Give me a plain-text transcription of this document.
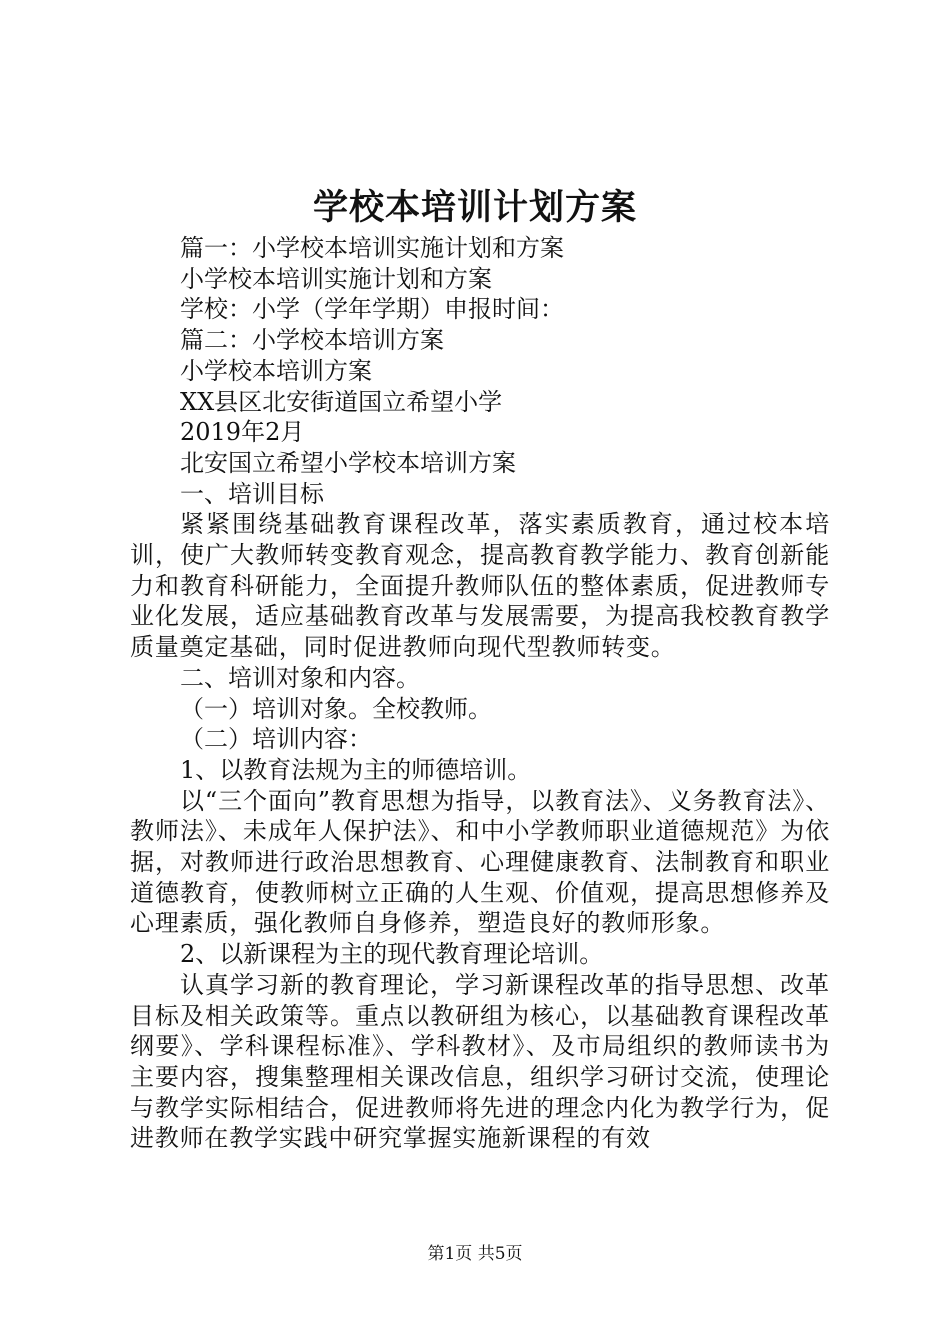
学校本培训计划方案
篇一：小学校本培训实施计划和方案
小学校本培训实施计划和方案
学校：小学（学年学期）申报时间：
篇二：小学校本培训方案
小学校本培训方案
XX县区北安街道国立希望小学
2019年2月
北安国立希望小学校本培训方案
一、培训目标
紧紧围绕基础教育课程改革，落实素质教育，通过校本培训，使广大教师转变教育观念，提高教育教学能力、教育创新能力和教育科研能力，全面提升教师队伍的整体素质，促进教师专业化发展，适应基础教育改革与发展需要，为提高我校教育教学质量奠定基础，同时促进教师向现代型教师转变。
二、培训对象和内容。
（一）培训对象。全校教师。
（二）培训内容：
1、以教育法规为主的师德培训。
以“三个面向”教育思想为指导，以教育法》、义务教育法》、教师法》、未成年人保护法》、和中小学教师职业道德规范》为依据，对教师进行政治思想教育、心理健康教育、法制教育和职业道德教育，使教师树立正确的人生观、价值观，提高思想修养及心理素质，强化教师自身修养，塑造良好的教师形象。
2、以新课程为主的现代教育理论培训。
认真学习新的教育理论，学习新课程改革的指导思想、改革目标及相关政策等。重点以教研组为核心，以基础教育课程改革纲要》、学科课程标准》、学科教材》、及市局组织的教师读书为主要内容，搜集整理相关课改信息，组织学习研讨交流，使理论与教学实际相结合，促进教师将先进的理念内化为教学行为，促进教师在教学实践中研究掌握实施新课程的有效
第1页 共5页
